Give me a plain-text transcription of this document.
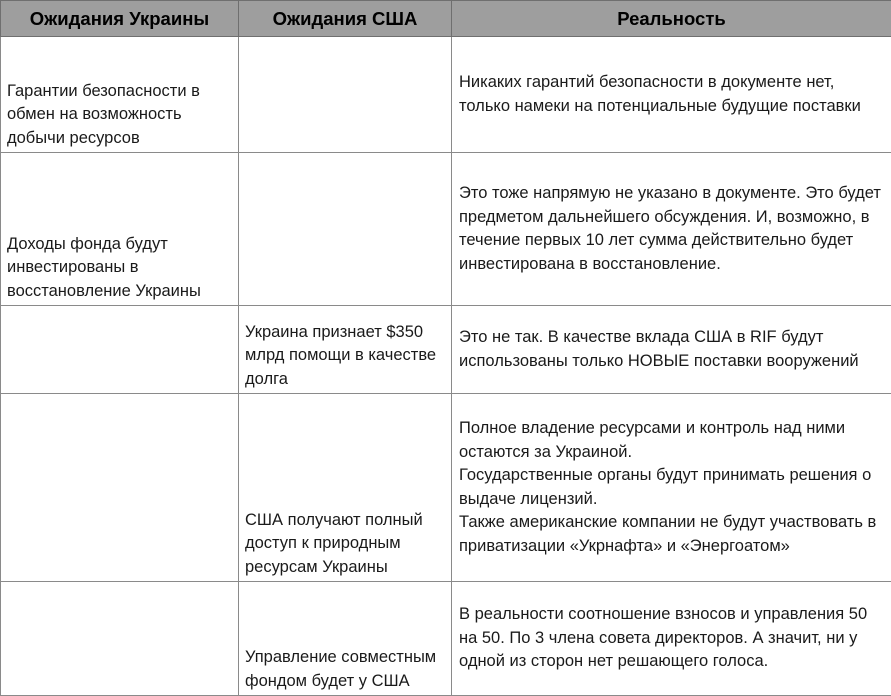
Ожидания Украины	Ожидания США	Реальность
Гарантии безопасности в обмен на возможность добычи ресурсов		Никаких гарантий безопасности в документе нет, только намеки на потенциальные будущие поставки

Доходы фонда будут инвестированы в восстановление Украины		Это тоже напрямую не указано в документе. Это будет предметом дальнейшего обсуждения. И, возможно, в течение первых 10 лет сумма действительно будет инвестирована в восстановление.

	Украина признает $350 млрд помощи в качестве долга	Это не так. В качестве вклада США в RIF будут использованы только НОВЫЕ поставки вооружений

	США получают полный доступ к природным ресурсам Украины	Полное владение ресурсами и контроль над ними остаются за Украиной.

Государственные органы будут принимать решения о выдаче лицензий.

Также американские компании не будут участвовать в приватизации «Укрнафта» и «Энергоатом»

	Управление совместным фондом будет у США	В реальности соотношение взносов и управления 50 на 50. По 3 члена совета директоров. А значит, ни у одной из сторон нет решающего голоса.
